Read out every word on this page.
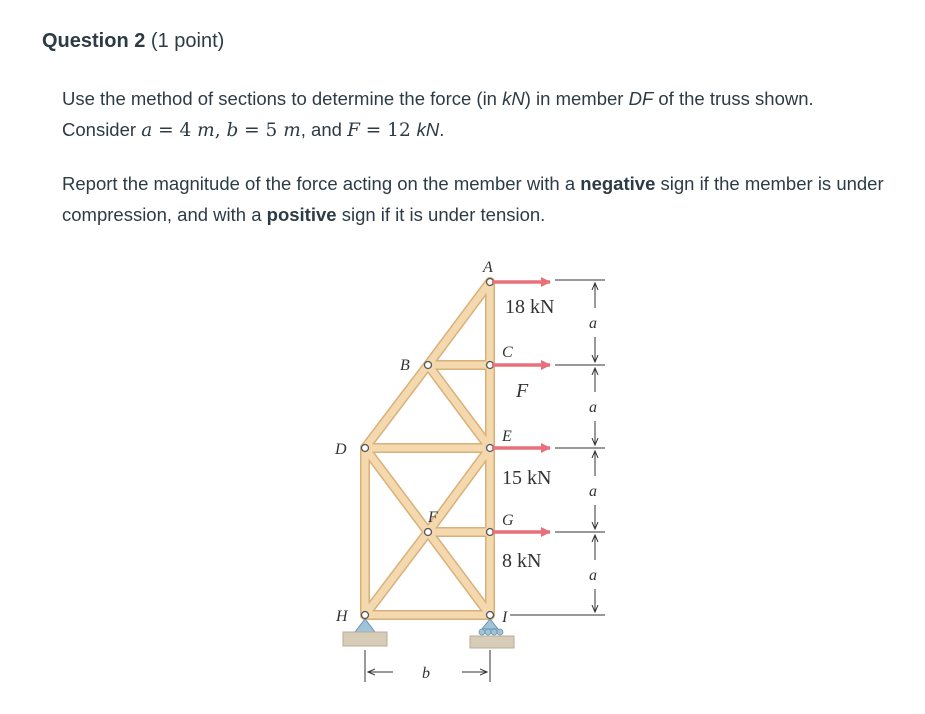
Question 2 (1 point)
Use the method of sections to determine the force (in kN) in member DF of the truss shown. Consider a = 4 m, b = 5 m, and F = 12 kN.
Report the magnitude of the force acting on the member with a negative sign if the member is under compression, and with a positive sign if it is under tension.
A
B
C
D
E
F	G
H	I
18 kN
F
15 kN
8 kN
a
a
a
a
b
